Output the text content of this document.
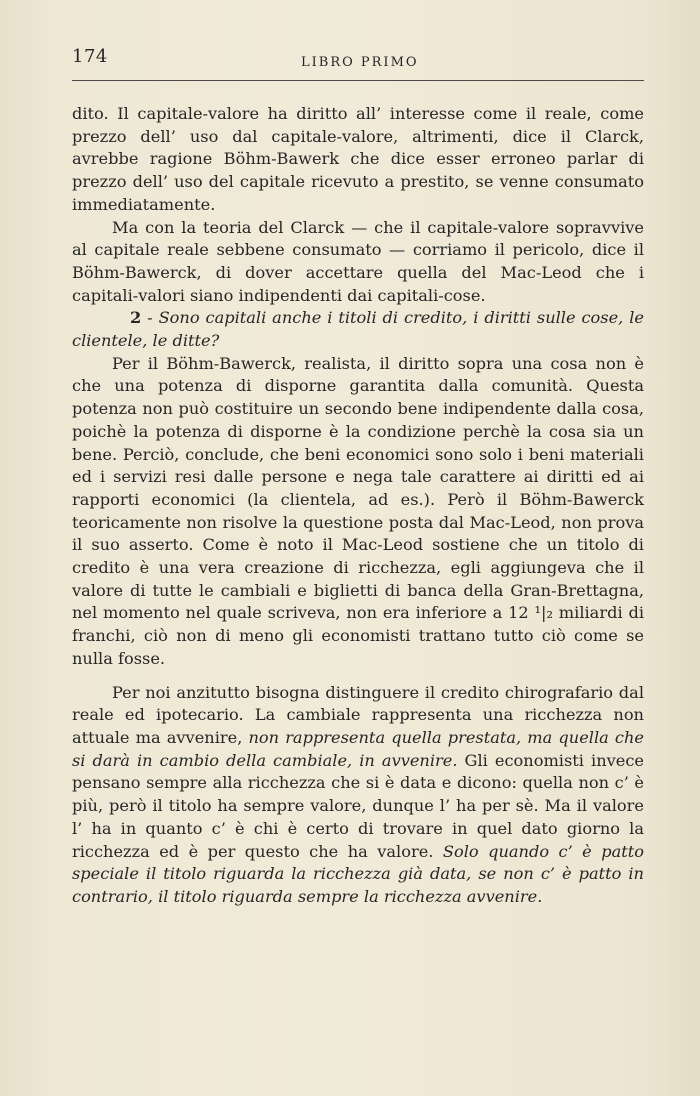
174	LIBRO PRIMO

dito. Il capitale-valore ha diritto all’ interesse come il reale, come prezzo dell’ uso dal capitale-valore, altrimenti, dice il Clarck, avrebbe ragione Böhm-Bawerk che dice esser erroneo parlar di prezzo dell’ uso del capitale ricevuto a prestito, se venne consumato immediatamente.

Ma con la teoria del Clarck — che il capitale-valore sopravvive al capitale reale sebbene consumato — corriamo il pericolo, dice il Böhm-Bawerck, di dover accettare quella del Mac-Leod che i capitali-valori siano indipendenti dai capitali-cose.

2 - Sono capitali anche i titoli di credito, i diritti sulle cose, le clientele, le ditte?

Per il Böhm-Bawerck, realista, il diritto sopra una cosa non è che una potenza di disporne garantita dalla comunità. Questa potenza non può costituire un secondo bene indipendente dalla cosa, poichè la potenza di disporne è la condizione perchè la cosa sia un bene. Perciò, conclude, che beni economici sono solo i beni materiali ed i servizi resi dalle persone e nega tale carattere ai diritti ed ai rapporti economici (la clientela, ad es.). Però il Böhm-Bawerck teoricamente non risolve la questione posta dal Mac-Leod, non prova il suo asserto. Come è noto il Mac-Leod sostiene che un titolo di credito è una vera creazione di ricchezza, egli aggiungeva che il valore di tutte le cambiali e biglietti di banca della Gran-Brettagna, nel momento nel quale scriveva, non era inferiore a 12 ¹|₂ miliardi di franchi, ciò non di meno gli economisti trattano tutto ciò come se nulla fosse.

Per noi anzitutto bisogna distinguere il credito chirografario dal reale ed ipotecario. La cambiale rappresenta una ricchezza non attuale ma avvenire, non rappresenta quella prestata, ma quella che si darà in cambio della cambiale, in avvenire. Gli economisti invece pensano sempre alla ricchezza che si è data e dicono: quella non c’ è più, però il titolo ha sempre valore, dunque l’ ha per sè. Ma il valore l’ ha in quanto c’ è chi è certo di trovare in quel dato giorno la ricchezza ed è per questo che ha valore. Solo quando c’ è patto speciale il titolo riguarda la ricchezza già data, se non c’ è patto in contrario, il titolo riguarda sempre la ricchezza avvenire.
